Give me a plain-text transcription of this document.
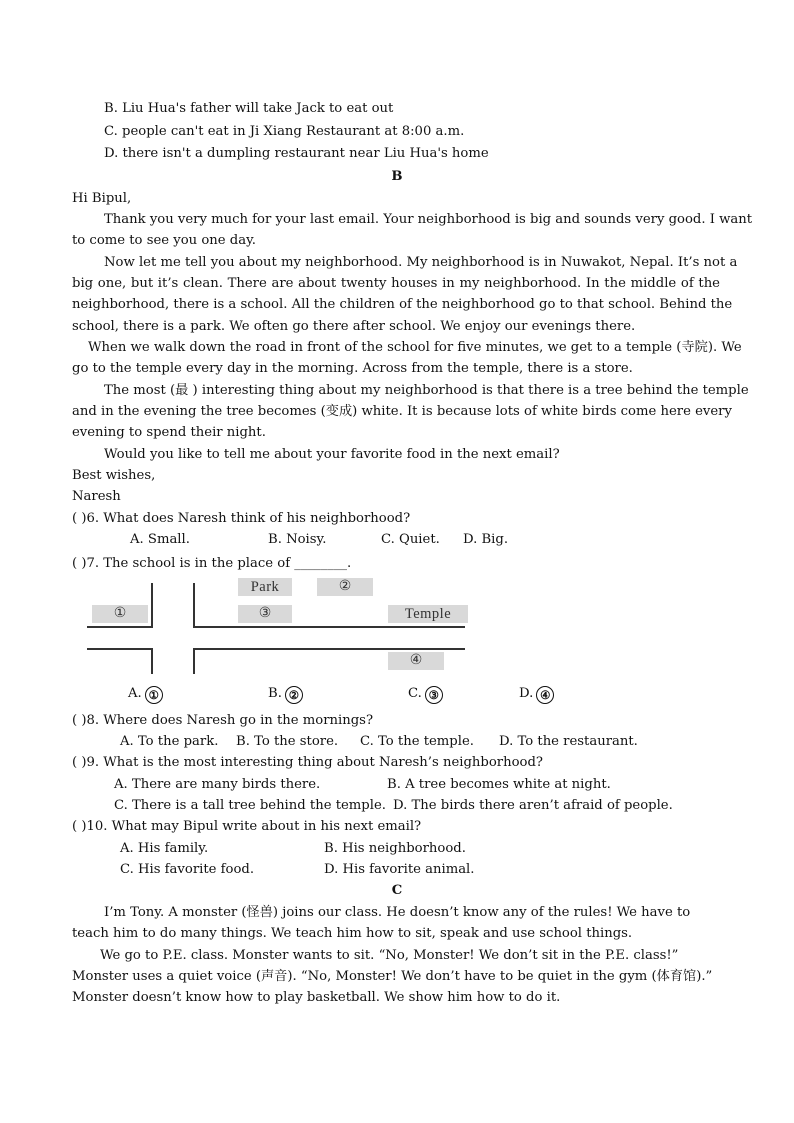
B. Liu Hua's father will take Jack to eat out
C. people can't eat in Ji Xiang Restaurant at 8:00 a.m.
D. there isn't a dumpling restaurant near Liu Hua's home
B
Hi Bipul,
Thank you very much for your last email. Your neighborhood is big and sounds very good. I want
to come to see you one day.
Now let me tell you about my neighborhood. My neighborhood is in Nuwakot, Nepal. It’s not a
big one, but it’s clean. There are about twenty houses in my neighborhood. In the middle of the
neighborhood, there is a school. All the children of the neighborhood go to that school. Behind the
school, there is a park. We often go there after school. We enjoy our evenings there.
When we walk down the road in front of the school for five minutes, we get to a temple (寺院). We
go to the temple every day in the morning. Across from the temple, there is a store.
The most (最 ) interesting thing about my neighborhood is that there is a tree behind the temple
and in the evening the tree becomes (变成) white. It is because lots of white birds come here every
evening to spend their night.
Would you like to tell me about your favorite food in the next email?
Best wishes,
Naresh
( )6. What does Naresh think of his neighborhood?
A. Small.	B. Noisy.	C. Quiet. D. Big.
( )7. The school is in the place of ________.
Park	②
①	③	Temple
④
A. ①	B. ②	C. ③	D. ④
( )8. Where does Naresh go in the mornings?
A. To the park. B. To the store. C. To the temple. D. To the restaurant.
( )9. What is the most interesting thing about Naresh’s neighborhood?
A. There are many birds there.	B. A tree becomes white at night.
C. There is a tall tree behind the temple. D. The birds there aren’t afraid of people.
( )10. What may Bipul write about in his next email?
A. His family.	B. His neighborhood.
C. His favorite food.	D. His favorite animal.
C
I’m Tony. A monster (怪兽) joins our class. He doesn’t know any of the rules! We have to
teach him to do many things. We teach him how to sit, speak and use school things.
We go to P.E. class. Monster wants to sit. “No, Monster! We don’t sit in the P.E. class!”
Monster uses a quiet voice (声音). “No, Monster! We don’t have to be quiet in the gym (体育馆).”
Monster doesn’t know how to play basketball. We show him how to do it.
